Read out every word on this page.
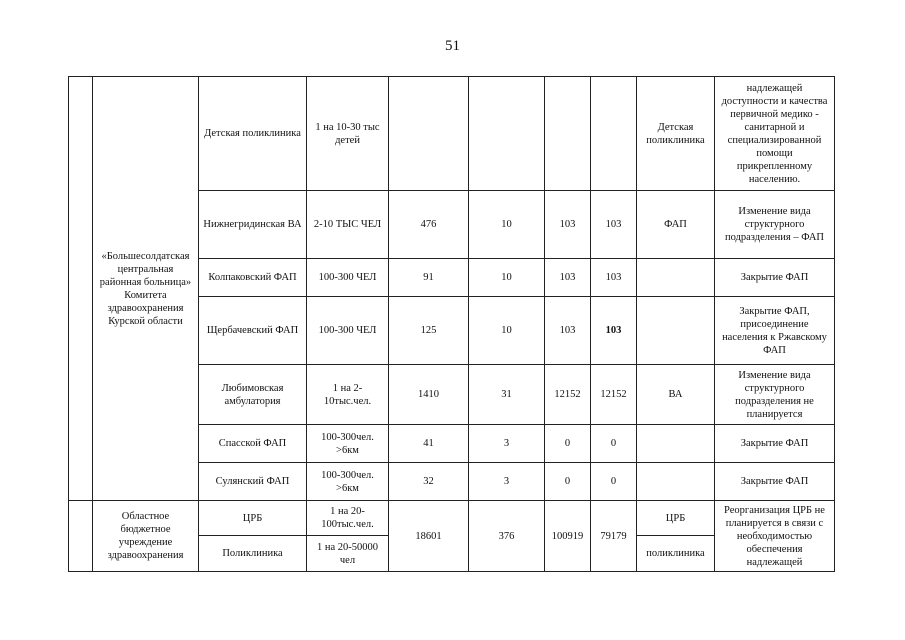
51
	«Большесолдатская центральная районная больница» Комитета здравоохранения Курской области	Детская поликлиника	1 на 10-30 тыс детей					Детская поликлиника	надлежащей доступности и качества первичной медико - санитарной и специализированной помощи прикрепленному населению.
		Нижнегридинская ВА	2-10 ТЫС ЧЕЛ	476	10	103	103	ФАП	Изменение вида структурного подразделения – ФАП
		Колпаковский ФАП	100-300 ЧЕЛ	91	10	103	103		Закрытие ФАП
		Щербачевский ФАП	100-300 ЧЕЛ	125	10	103	103		Закрытие ФАП, присоединение населения к Ржавскому ФАП
		Любимовская амбулатория	1 на 2-10тыс.чел.	1410	31	12152	12152	ВА	Изменение вида структурного подразделения не планируется
		Спасской ФАП	100-300чел. >6км	41	3	0	0		Закрытие ФАП
		Сулянский ФАП	100-300чел. >6км	32	3	0	0		Закрытие ФАП
	Областное бюджетное учреждение здравоохранения	ЦРБ	1 на 20-100тыс.чел.	18601	376	100919	79179	ЦРБ	Реорганизация ЦРБ не планируется в связи с необходимостью обеспечения надлежащей
		Поликлиника	1 на 20-50000 чел					поликлиника	
